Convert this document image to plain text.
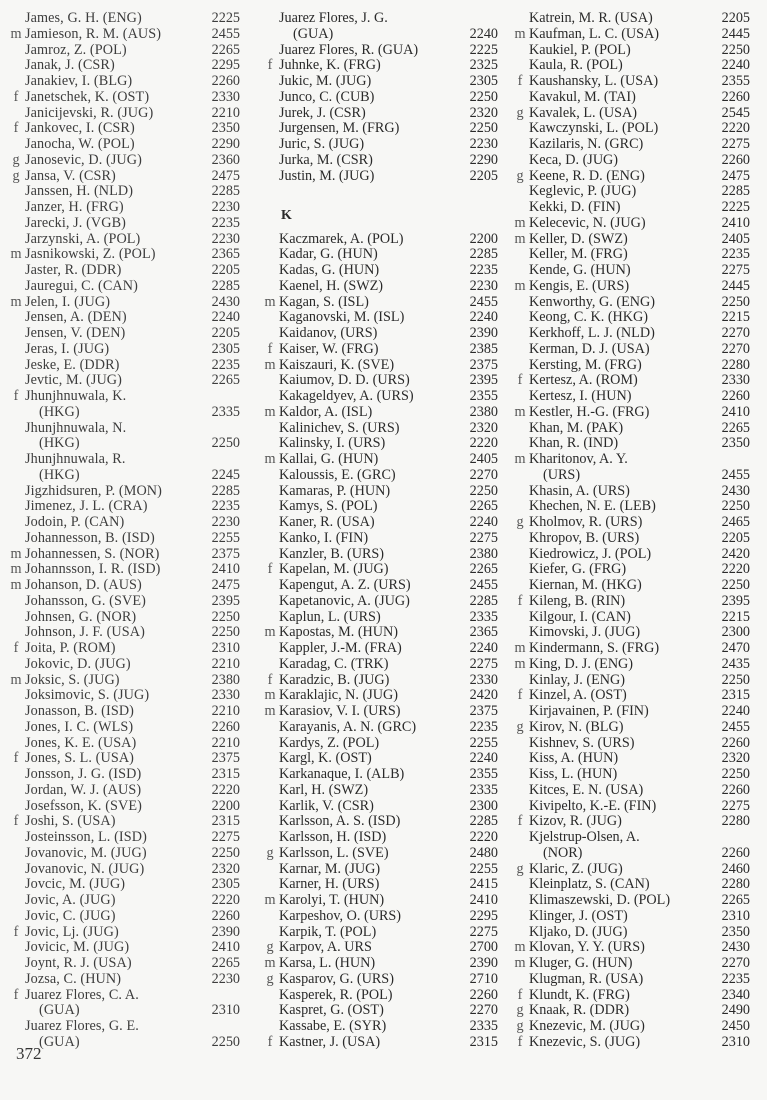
James, G. H. (ENG)	2225
m Jamieson, R. M. (AUS)	2455
Jamroz, Z. (POL)	2265
Janak, J. (CSR)	2295
Janakiev, I. (BLG)	2260
f Janetschek, K. (OST)	2330
Janicijevski, R. (JUG)	2210
f Jankovec, I. (CSR)	2350
Janocha, W. (POL)	2290
g Janosevic, D. (JUG)	2360
g Jansa, V. (CSR)	2475
Janssen, H. (NLD)	2285
Janzer, H. (FRG)	2230
Jarecki, J. (VGB)	2235
Jarzynski, A. (POL)	2230
m Jasnikowski, Z. (POL)	2365
Jaster, R. (DDR)	2205
Jauregui, C. (CAN)	2285
m Jelen, I. (JUG)	2430
Jensen, A. (DEN)	2240
Jensen, V. (DEN)	2205
Jeras, I. (JUG)	2305
Jeske, E. (DDR)	2235
Jevtic, M. (JUG)	2265
f Jhunjhnuwala, K.
(HKG)	2335
Jhunjhnuwala, N.
(HKG)	2250
Jhunjhnuwala, R.
(HKG)	2245
Jigzhidsuren, P. (MON)	2285
Jimenez, J. L. (CRA)	2235
Jodoin, P. (CAN)	2230
Johannesson, B. (ISD)	2255
m Johannessen, S. (NOR)	2375
m Johannsson, I. R. (ISD)	2410
m Johanson, D. (AUS)	2475
Johansson, G. (SVE)	2395
Johnsen, G. (NOR)	2250
Johnson, J. F. (USA)	2250
f Joita, P. (ROM)	2310
Jokovic, D. (JUG)	2210
m Joksic, S. (JUG)	2380
Joksimovic, S. (JUG)	2330
Jonasson, B. (ISD)	2210
Jones, I. C. (WLS)	2260
Jones, K. E. (USA)	2210
f Jones, S. L. (USA)	2375
Jonsson, J. G. (ISD)	2315
Jordan, W. J. (AUS)	2220
Josefsson, K. (SVE)	2200
f Joshi, S. (USA)	2315
Josteinsson, L. (ISD)	2275
Jovanovic, M. (JUG)	2250
Jovanovic, N. (JUG)	2320
Jovcic, M. (JUG)	2305
Jovic, A. (JUG)	2220
Jovic, C. (JUG)	2260
f Jovic, Lj. (JUG)	2390
Jovicic, M. (JUG)	2410
Joynt, R. J. (USA)	2265
Jozsa, C. (HUN)	2230
f Juarez Flores, C. A.
(GUA)	2310
Juarez Flores, G. E.
(GUA)	2250
Juarez Flores, J. G.
(GUA)	2240
Juarez Flores, R. (GUA)	2225
f Juhnke, K. (FRG)	2325
Jukic, M. (JUG)	2305
Junco, C. (CUB)	2250
Jurek, J. (CSR)	2320
Jurgensen, M. (FRG)	2250
Juric, S. (JUG)	2230
Jurka, M. (CSR)	2290
Justin, M. (JUG)	2205
K
Kaczmarek, A. (POL)	2200
Kadar, G. (HUN)	2285
Kadas, G. (HUN)	2235
Kaenel, H. (SWZ)	2230
m Kagan, S. (ISL)	2455
Kaganovski, M. (ISL)	2240
Kaidanov, (URS)	2390
f Kaiser, W. (FRG)	2385
m Kaiszauri, K. (SVE)	2375
Kaiumov, D. D. (URS)	2395
Kakageldyev, A. (URS)	2355
m Kaldor, A. (ISL)	2380
Kalinichev, S. (URS)	2320
Kalinsky, I. (URS)	2220
m Kallai, G. (HUN)	2405
Kaloussis, E. (GRC)	2270
Kamaras, P. (HUN)	2250
Kamys, S. (POL)	2265
Kaner, R. (USA)	2240
Kanko, I. (FIN)	2275
Kanzler, B. (URS)	2380
f Kapelan, M. (JUG)	2265
Kapengut, A. Z. (URS)	2455
Kapetanovic, A. (JUG)	2285
Kaplun, L. (URS)	2335
m Kapostas, M. (HUN)	2365
Kappler, J.-M. (FRA)	2240
Karadag, C. (TRK)	2275
f Karadzic, B. (JUG)	2330
m Karaklajic, N. (JUG)	2420
m Karasiov, V. I. (URS)	2375
Karayanis, A. N. (GRC)	2235
Kardys, Z. (POL)	2255
Kargl, K. (OST)	2240
Karkanaque, I. (ALB)	2355
Karl, H. (SWZ)	2335
Karlik, V. (CSR)	2300
Karlsson, A. S. (ISD)	2285
Karlsson, H. (ISD)	2220
g Karlsson, L. (SVE)	2480
Karnar, M. (JUG)	2255
Karner, H. (URS)	2415
m Karolyi, T. (HUN)	2410
Karpeshov, O. (URS)	2295
Karpik, T. (POL)	2275
g Karpov, A. URS	2700
m Karsa, L. (HUN)	2390
g Kasparov, G. (URS)	2710
Kasperek, R. (POL)	2260
Kaspret, G. (OST)	2270
Kassabe, E. (SYR)	2335
f Kastner, J. (USA)	2315
Katrein, M. R. (USA)	2205
m Kaufman, L. C. (USA)	2445
Kaukiel, P. (POL)	2250
Kaula, R. (POL)	2240
f Kaushansky, L. (USA)	2355
Kavakul, M. (TAI)	2260
g Kavalek, L. (USA)	2545
Kawczynski, L. (POL)	2220
Kazilaris, N. (GRC)	2275
Keca, D. (JUG)	2260
g Keene, R. D. (ENG)	2475
Keglevic, P. (JUG)	2285
Kekki, D. (FIN)	2225
m Kelecevic, N. (JUG)	2410
m Keller, D. (SWZ)	2405
Keller, M. (FRG)	2235
Kende, G. (HUN)	2275
m Kengis, E. (URS)	2445
Kenworthy, G. (ENG)	2250
Keong, C. K. (HKG)	2215
Kerkhoff, L. J. (NLD)	2270
Kerman, D. J. (USA)	2270
Kersting, M. (FRG)	2280
f Kertesz, A. (ROM)	2330
Kertesz, I. (HUN)	2260
m Kestler, H.-G. (FRG)	2410
Khan, M. (PAK)	2265
Khan, R. (IND)	2350
m Kharitonov, A. Y.
(URS)	2455
Khasin, A. (URS)	2430
Khechen, N. E. (LEB)	2250
g Kholmov, R. (URS)	2465
Khropov, B. (URS)	2205
Kiedrowicz, J. (POL)	2420
Kiefer, G. (FRG)	2220
Kiernan, M. (HKG)	2250
f Kileng, B. (RIN)	2395
Kilgour, I. (CAN)	2215
Kimovski, J. (JUG)	2300
m Kindermann, S. (FRG)	2470
m King, D. J. (ENG)	2435
Kinlay, J. (ENG)	2250
f Kinzel, A. (OST)	2315
Kirjavainen, P. (FIN)	2240
g Kirov, N. (BLG)	2455
Kishnev, S. (URS)	2260
Kiss, A. (HUN)	2320
Kiss, L. (HUN)	2250
Kitces, E. N. (USA)	2260
Kivipelto, K.-E. (FIN)	2275
f Kizov, R. (JUG)	2280
Kjelstrup-Olsen, A.
(NOR)	2260
g Klaric, Z. (JUG)	2460
Kleinplatz, S. (CAN)	2280
Klimaszewski, D. (POL)	2265
Klinger, J. (OST)	2310
Kljako, D. (JUG)	2350
m Klovan, Y. Y. (URS)	2430
m Kluger, G. (HUN)	2270
Klugman, R. (USA)	2235
f Klundt, K. (FRG)	2340
g Knaak, R. (DDR)	2490
g Knezevic, M. (JUG)	2450
f Knezevic, S. (JUG)	2310
372
